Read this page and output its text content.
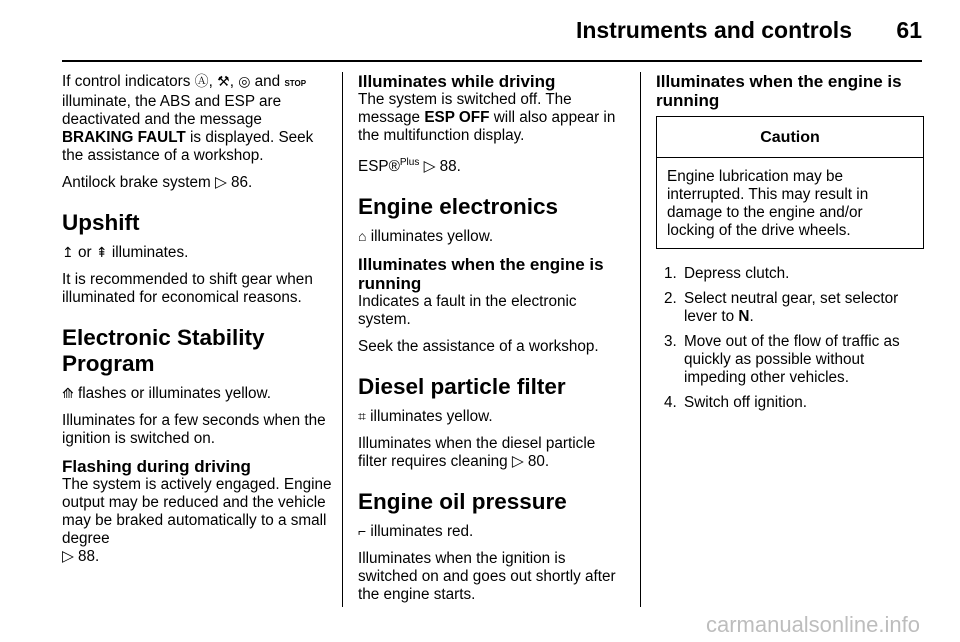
Instruments and controls 61

If control indicators Ⓐ, ⚒, ◎ and STOP illuminate, the ABS and ESP are deactivated and the message BRAKING FAULT is displayed. Seek the assistance of a workshop.

Antilock brake system ▷ 86.

Upshift

↥ or ⇞ illuminates.

It is recommended to shift gear when illuminated for economical reasons.

Electronic Stability Program

⟰ flashes or illuminates yellow.

Illuminates for a few seconds when the ignition is switched on.

Flashing during driving

The system is actively engaged. Engine output may be reduced and the vehicle may be braked automatically to a small degree
▷ 88.

Illuminates while driving

The system is switched off. The message ESP OFF will also appear in the multifunction display.

ESP®$^{Plus}$ ▷ 88.

Engine electronics

⌂ illuminates yellow.

Illuminates when the engine is running

Indicates a fault in the electronic system.

Seek the assistance of a workshop.

Diesel particle filter

⌗ illuminates yellow.

Illuminates when the diesel particle filter requires cleaning ▷ 80.

Engine oil pressure

⌐ illuminates red.

Illuminates when the ignition is switched on and goes out shortly after the engine starts.

Illuminates when the engine is running
Caution
Engine lubrication may be interrupted. This may result in damage to the engine and/or locking of the drive wheels.
1. Depress clutch.
2. Select neutral gear, set selector lever to N.
3. Move out of the flow of traffic as quickly as possible without impeding other vehicles.
4. Switch off ignition.
carmanualsonline.info
